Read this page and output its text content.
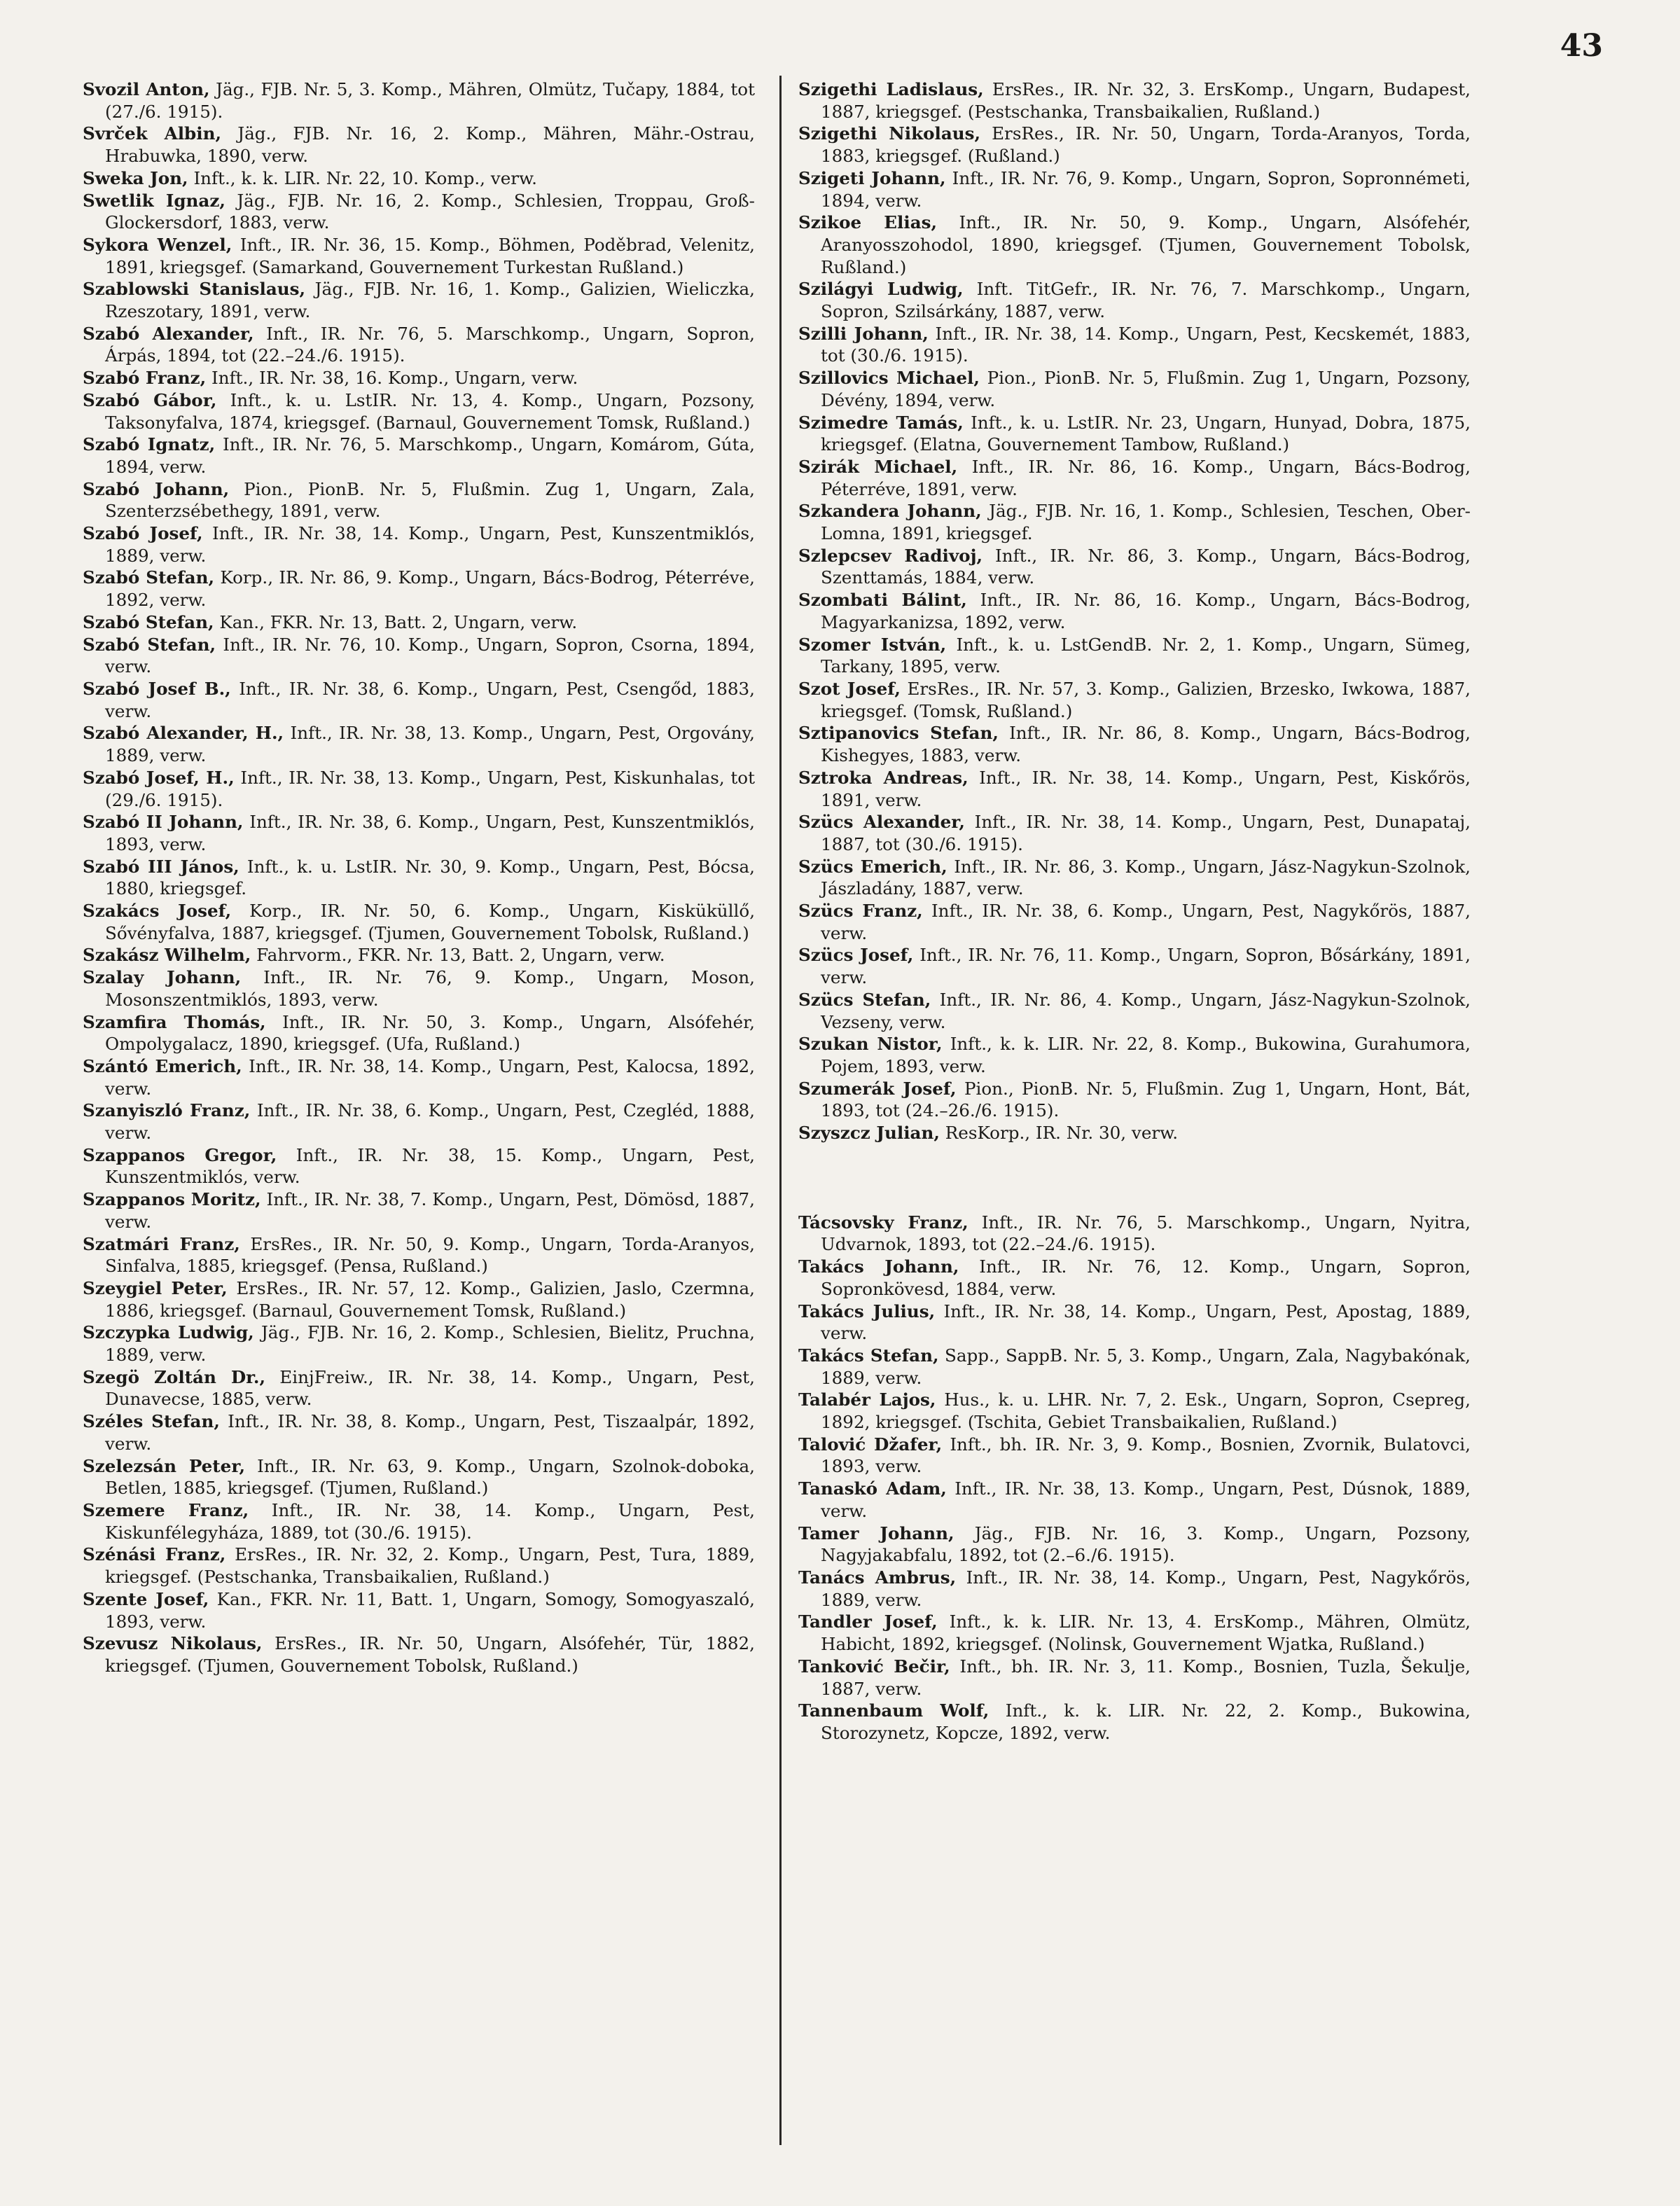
43

Svozil Anton, Jäg., FJB. Nr. 5, 3. Komp., Mähren, Olmütz, Tučapy, 1884, tot (27./6. 1915).

Svrček Albin, Jäg., FJB. Nr. 16, 2. Komp., Mähren, Mähr.-Ostrau, Hrabuwka, 1890, verw.

Sweka Jon, Inft., k. k. LIR. Nr. 22, 10. Komp., verw.

Swetlik Ignaz, Jäg., FJB. Nr. 16, 2. Komp., Schlesien, Troppau, Groß-Glockersdorf, 1883, verw.

Sykora Wenzel, Inft., IR. Nr. 36, 15. Komp., Böhmen, Poděbrad, Velenitz, 1891, kriegsgef. (Samarkand, Gouvernement Turkestan Rußland.)

Szablowski Stanislaus, Jäg., FJB. Nr. 16, 1. Komp., Galizien, Wieliczka, Rzeszotary, 1891, verw.

Szabó Alexander, Inft., IR. Nr. 76, 5. Marschkomp., Ungarn, Sopron, Árpás, 1894, tot (22.–24./6. 1915).

Szabó Franz, Inft., IR. Nr. 38, 16. Komp., Ungarn, verw.

Szabó Gábor, Inft., k. u. LstIR. Nr. 13, 4. Komp., Ungarn, Pozsony, Taksonyfalva, 1874, kriegsgef. (Barnaul, Gouvernement Tomsk, Rußland.)

Szabó Ignatz, Inft., IR. Nr. 76, 5. Marschkomp., Ungarn, Komárom, Gúta, 1894, verw.

Szabó Johann, Pion., PionB. Nr. 5, Flußmin. Zug 1, Ungarn, Zala, Szenterzsébethegy, 1891, verw.

Szabó Josef, Inft., IR. Nr. 38, 14. Komp., Ungarn, Pest, Kunszentmiklós, 1889, verw.

Szabó Stefan, Korp., IR. Nr. 86, 9. Komp., Ungarn, Bács-Bodrog, Péterréve, 1892, verw.

Szabó Stefan, Kan., FKR. Nr. 13, Batt. 2, Ungarn, verw.

Szabó Stefan, Inft., IR. Nr. 76, 10. Komp., Ungarn, Sopron, Csorna, 1894, verw.

Szabó Josef B., Inft., IR. Nr. 38, 6. Komp., Ungarn, Pest, Csengőd, 1883, verw.

Szabó Alexander, H., Inft., IR. Nr. 38, 13. Komp., Ungarn, Pest, Orgovány, 1889, verw.

Szabó Josef, H., Inft., IR. Nr. 38, 13. Komp., Ungarn, Pest, Kiskunhalas, tot (29./6. 1915).

Szabó II Johann, Inft., IR. Nr. 38, 6. Komp., Ungarn, Pest, Kunszentmiklós, 1893, verw.

Szabó III János, Inft., k. u. LstIR. Nr. 30, 9. Komp., Ungarn, Pest, Bócsa, 1880, kriegsgef.

Szakács Josef, Korp., IR. Nr. 50, 6. Komp., Ungarn, Kisküküllő, Sővényfalva, 1887, kriegsgef. (Tjumen, Gouvernement Tobolsk, Rußland.)

Szakász Wilhelm, Fahrvorm., FKR. Nr. 13, Batt. 2, Ungarn, verw.

Szalay Johann, Inft., IR. Nr. 76, 9. Komp., Ungarn, Moson, Mosonszentmiklós, 1893, verw.

Szamfira Thomás, Inft., IR. Nr. 50, 3. Komp., Ungarn, Alsófehér, Ompolygalacz, 1890, kriegsgef. (Ufa, Rußland.)

Szántó Emerich, Inft., IR. Nr. 38, 14. Komp., Ungarn, Pest, Kalocsa, 1892, verw.

Szanyiszló Franz, Inft., IR. Nr. 38, 6. Komp., Ungarn, Pest, Czegléd, 1888, verw.

Szappanos Gregor, Inft., IR. Nr. 38, 15. Komp., Ungarn, Pest, Kunszentmiklós, verw.

Szappanos Moritz, Inft., IR. Nr. 38, 7. Komp., Ungarn, Pest, Dömösd, 1887, verw.

Szatmári Franz, ErsRes., IR. Nr. 50, 9. Komp., Ungarn, Torda-Aranyos, Sinfalva, 1885, kriegsgef. (Pensa, Rußland.)

Szeygiel Peter, ErsRes., IR. Nr. 57, 12. Komp., Galizien, Jaslo, Czermna, 1886, kriegsgef. (Barnaul, Gouvernement Tomsk, Rußland.)

Szczypka Ludwig, Jäg., FJB. Nr. 16, 2. Komp., Schlesien, Bielitz, Pruchna, 1889, verw.

Szegö Zoltán Dr., EinjFreiw., IR. Nr. 38, 14. Komp., Ungarn, Pest, Dunavecse, 1885, verw.

Széles Stefan, Inft., IR. Nr. 38, 8. Komp., Ungarn, Pest, Tiszaalpár, 1892, verw.

Szelezsán Peter, Inft., IR. Nr. 63, 9. Komp., Ungarn, Szolnok-doboka, Betlen, 1885, kriegsgef. (Tjumen, Rußland.)

Szemere Franz, Inft., IR. Nr. 38, 14. Komp., Ungarn, Pest, Kiskunfélegyháza, 1889, tot (30./6. 1915).

Szénási Franz, ErsRes., IR. Nr. 32, 2. Komp., Ungarn, Pest, Tura, 1889, kriegsgef. (Pestschanka, Transbaikalien, Rußland.)

Szente Josef, Kan., FKR. Nr. 11, Batt. 1, Ungarn, Somogy, Somogyaszaló, 1893, verw.

Szevusz Nikolaus, ErsRes., IR. Nr. 50, Ungarn, Alsófehér, Tür, 1882, kriegsgef. (Tjumen, Gouvernement Tobolsk, Rußland.)

Szigethi Ladislaus, ErsRes., IR. Nr. 32, 3. ErsKomp., Ungarn, Budapest, 1887, kriegsgef. (Pestschanka, Transbaikalien, Rußland.)

Szigethi Nikolaus, ErsRes., IR. Nr. 50, Ungarn, Torda-Aranyos, Torda, 1883, kriegsgef. (Rußland.)

Szigeti Johann, Inft., IR. Nr. 76, 9. Komp., Ungarn, Sopron, Sopronnémeti, 1894, verw.

Szikoe Elias, Inft., IR. Nr. 50, 9. Komp., Ungarn, Alsófehér, Aranyosszohodol, 1890, kriegsgef. (Tjumen, Gouvernement Tobolsk, Rußland.)

Szilágyi Ludwig, Inft. TitGefr., IR. Nr. 76, 7. Marschkomp., Ungarn, Sopron, Szilsárkány, 1887, verw.

Szilli Johann, Inft., IR. Nr. 38, 14. Komp., Ungarn, Pest, Kecskemét, 1883, tot (30./6. 1915).

Szillovics Michael, Pion., PionB. Nr. 5, Flußmin. Zug 1, Ungarn, Pozsony, Dévény, 1894, verw.

Szimedre Tamás, Inft., k. u. LstIR. Nr. 23, Ungarn, Hunyad, Dobra, 1875, kriegsgef. (Elatna, Gouvernement Tambow, Rußland.)

Szirák Michael, Inft., IR. Nr. 86, 16. Komp., Ungarn, Bács-Bodrog, Péterréve, 1891, verw.

Szkandera Johann, Jäg., FJB. Nr. 16, 1. Komp., Schlesien, Teschen, Ober-Lomna, 1891, kriegsgef.

Szlepcsev Radivoj, Inft., IR. Nr. 86, 3. Komp., Ungarn, Bács-Bodrog, Szenttamás, 1884, verw.

Szombati Bálint, Inft., IR. Nr. 86, 16. Komp., Ungarn, Bács-Bodrog, Magyarkanizsa, 1892, verw.

Szomer István, Inft., k. u. LstGendB. Nr. 2, 1. Komp., Ungarn, Sümeg, Tarkany, 1895, verw.

Szot Josef, ErsRes., IR. Nr. 57, 3. Komp., Galizien, Brzesko, Iwkowa, 1887, kriegsgef. (Tomsk, Rußland.)

Sztipanovics Stefan, Inft., IR. Nr. 86, 8. Komp., Ungarn, Bács-Bodrog, Kishegyes, 1883, verw.

Sztroka Andreas, Inft., IR. Nr. 38, 14. Komp., Ungarn, Pest, Kiskőrös, 1891, verw.

Szücs Alexander, Inft., IR. Nr. 38, 14. Komp., Ungarn, Pest, Dunapataj, 1887, tot (30./6. 1915).

Szücs Emerich, Inft., IR. Nr. 86, 3. Komp., Ungarn, Jász-Nagykun-Szolnok, Jászladány, 1887, verw.

Szücs Franz, Inft., IR. Nr. 38, 6. Komp., Ungarn, Pest, Nagykőrös, 1887, verw.

Szücs Josef, Inft., IR. Nr. 76, 11. Komp., Ungarn, Sopron, Bősárkány, 1891, verw.

Szücs Stefan, Inft., IR. Nr. 86, 4. Komp., Ungarn, Jász-Nagykun-Szolnok, Vezseny, verw.

Szukan Nistor, Inft., k. k. LIR. Nr. 22, 8. Komp., Bukowina, Gurahumora, Pojem, 1893, verw.

Szumerák Josef, Pion., PionB. Nr. 5, Flußmin. Zug 1, Ungarn, Hont, Bát, 1893, tot (24.–26./6. 1915).

Szyszcz Julian, ResKorp., IR. Nr. 30, verw.

Tácsovsky Franz, Inft., IR. Nr. 76, 5. Marschkomp., Ungarn, Nyitra, Udvarnok, 1893, tot (22.–24./6. 1915).

Takács Johann, Inft., IR. Nr. 76, 12. Komp., Ungarn, Sopron, Sopronkövesd, 1884, verw.

Takács Julius, Inft., IR. Nr. 38, 14. Komp., Ungarn, Pest, Apostag, 1889, verw.

Takács Stefan, Sapp., SappB. Nr. 5, 3. Komp., Ungarn, Zala, Nagybakónak, 1889, verw.

Talabér Lajos, Hus., k. u. LHR. Nr. 7, 2. Esk., Ungarn, Sopron, Csepreg, 1892, kriegsgef. (Tschita, Gebiet Transbaikalien, Rußland.)

Talović Džafer, Inft., bh. IR. Nr. 3, 9. Komp., Bosnien, Zvornik, Bulatovci, 1893, verw.

Tanaskó Adam, Inft., IR. Nr. 38, 13. Komp., Ungarn, Pest, Dúsnok, 1889, verw.

Tamer Johann, Jäg., FJB. Nr. 16, 3. Komp., Ungarn, Pozsony, Nagyjakabfalu, 1892, tot (2.–6./6. 1915).

Tanács Ambrus, Inft., IR. Nr. 38, 14. Komp., Ungarn, Pest, Nagykőrös, 1889, verw.

Tandler Josef, Inft., k. k. LIR. Nr. 13, 4. ErsKomp., Mähren, Olmütz, Habicht, 1892, kriegsgef. (Nolinsk, Gouvernement Wjatka, Rußland.)

Tanković Bečir, Inft., bh. IR. Nr. 3, 11. Komp., Bosnien, Tuzla, Šekulje, 1887, verw.

Tannenbaum Wolf, Inft., k. k. LIR. Nr. 22, 2. Komp., Bukowina, Storozynetz, Kopcze, 1892, verw.
